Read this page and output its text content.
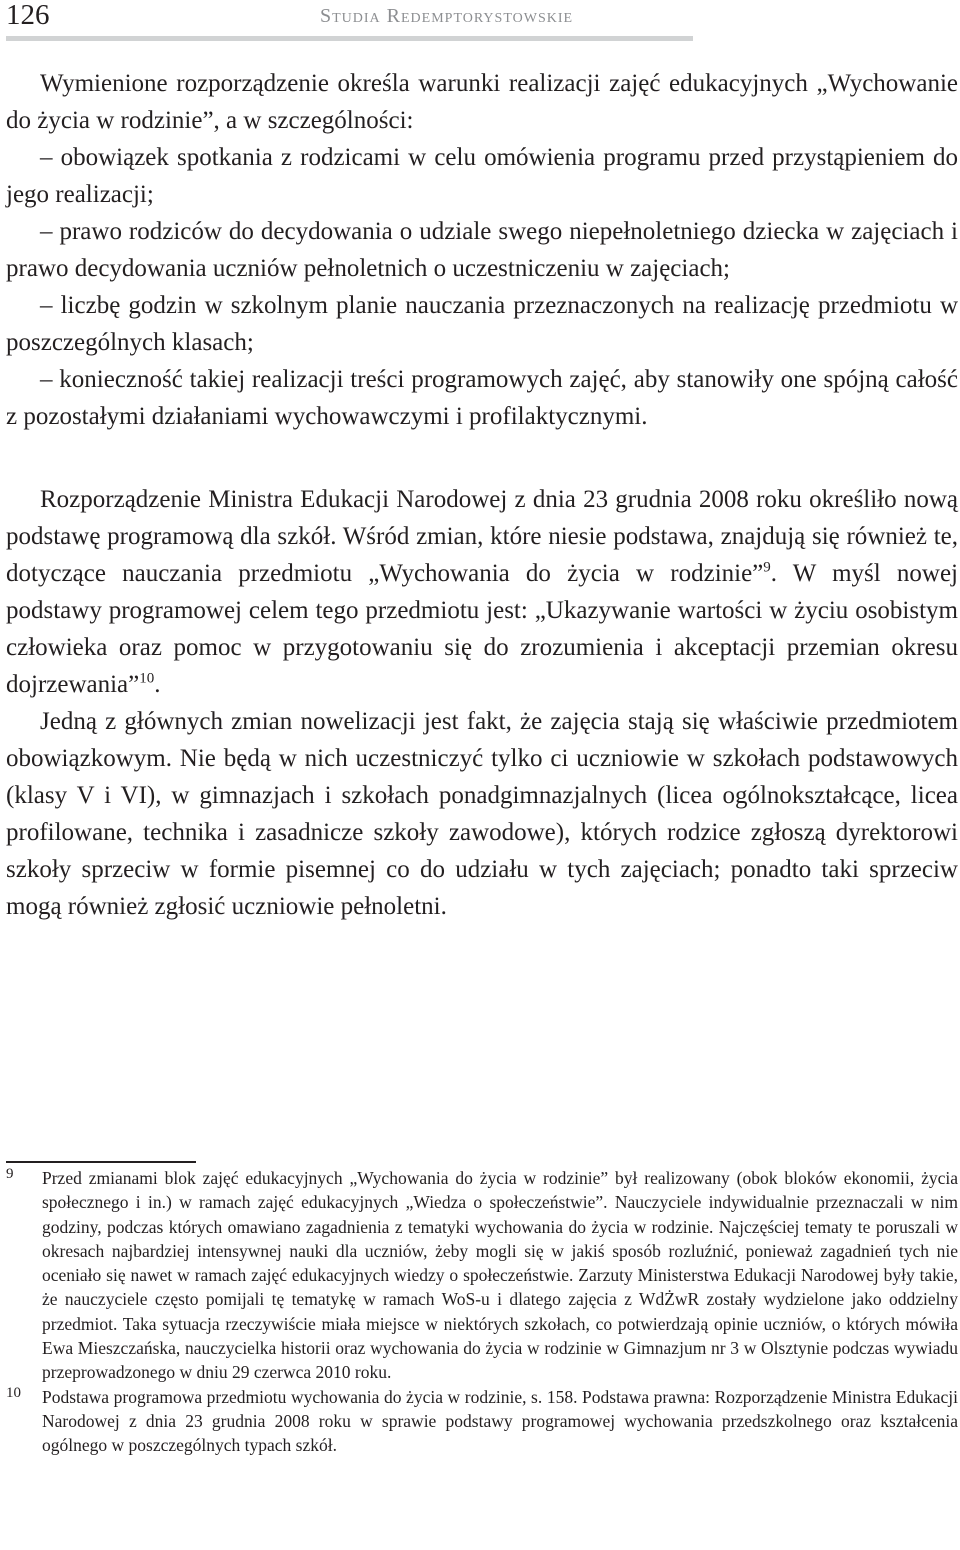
126	Studia Redemptorystowskie

Wymienione rozporządzenie określa warunki realizacji zajęć edukacyjnych „Wychowanie do życia w rodzinie”, a w szczególności:

– obowiązek spotkania z rodzicami w celu omówienia programu przed przystąpieniem do jego realizacji;

– prawo rodziców do decydowania o udziale swego niepełnoletniego dziecka w zajęciach i prawo decydowania uczniów pełnoletnich o uczestniczeniu w zajęciach;

– liczbę godzin w szkolnym planie nauczania przeznaczonych na realizację przedmiotu w poszczególnych klasach;

– konieczność takiej realizacji treści programowych zajęć, aby stanowiły one spójną całość z pozostałymi działaniami wychowawczymi i profilaktycznymi.

Rozporządzenie Ministra Edukacji Narodowej z dnia 23 grudnia 2008 roku określiło nową podstawę programową dla szkół. Wśród zmian, które niesie podstawa, znajdują się również te, dotyczące nauczania przedmiotu „Wychowania do życia w rodzinie”$^9$. W myśl nowej podstawy programowej celem tego przedmiotu jest: „Ukazywanie wartości w życiu osobistym człowieka oraz pomoc w przygotowaniu się do zrozumienia i akceptacji przemian okresu dojrzewania”$^{10}$.

Jedną z głównych zmian nowelizacji jest fakt, że zajęcia stają się właściwie przedmiotem obowiązkowym. Nie będą w nich uczestniczyć tylko ci uczniowie w szkołach podstawowych (klasy V i VI), w gimnazjach i szkołach ponadgimnazjalnych (licea ogólnokształcące, licea profilowane, technika i zasadnicze szkoły zawodowe), których rodzice zgłoszą dyrektorowi szkoły sprzeciw w formie pisemnej co do udziału w tych zajęciach; ponadto taki sprzeciw mogą również zgłosić uczniowie pełnoletni.

9 Przed zmianami blok zajęć edukacyjnych „Wychowania do życia w rodzinie” był realizowany (obok bloków ekonomii, życia społecznego i in.) w ramach zajęć edukacyjnych „Wiedza o społeczeństwie”. Nauczyciele indywidualnie przeznaczali w nim godziny, podczas których omawiano zagadnienia z tematyki wychowania do życia w rodzinie. Najczęściej tematy te poruszali w okresach najbardziej intensywnej nauki dla uczniów, żeby mogli się w jakiś sposób rozluźnić, ponieważ zagadnień tych nie oceniało się nawet w ramach zajęć edukacyjnych wiedzy o społeczeństwie. Zarzuty Ministerstwa Edukacji Narodowej były takie, że nauczyciele często pomijali tę tematykę w ramach WoS-u i dlatego zajęcia z WdŻwR zostały wydzielone jako oddzielny przedmiot. Taka sytuacja rzeczywiście miała miejsce w niektórych szkołach, co potwierdzają opinie uczniów, o których mówiła Ewa Mieszczańska, nauczycielka historii oraz wychowania do życia w rodzinie w Gimnazjum nr 3 w Olsztynie podczas wywiadu przeprowadzonego w dniu 29 czerwca 2010 roku.
10 Podstawa programowa przedmiotu wychowania do życia w rodzinie, s. 158. Podstawa prawna: Rozporządzenie Ministra Edukacji Narodowej z dnia 23 grudnia 2008 roku w sprawie podstawy programowej wychowania przedszkolnego oraz kształcenia ogólnego w poszczególnych typach szkół.
